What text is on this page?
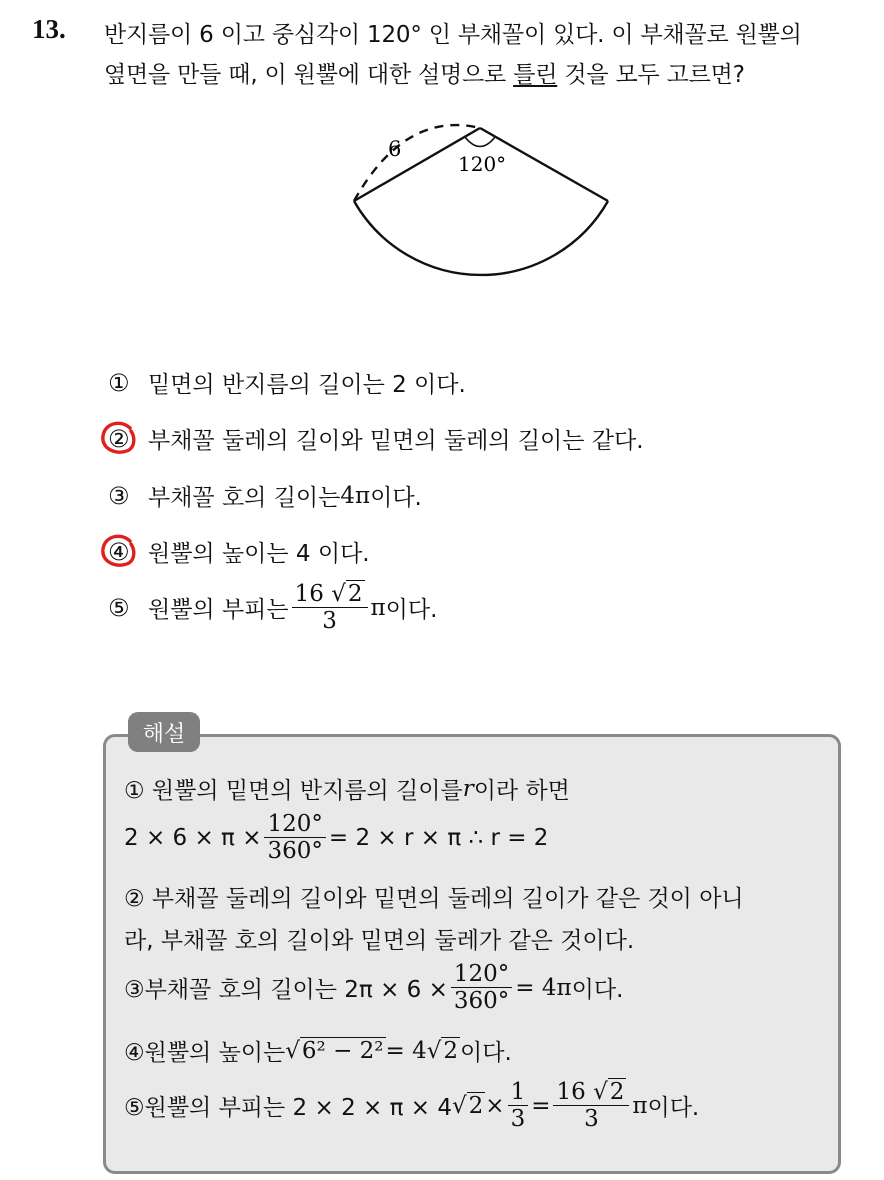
13. 반지름이 6 이고 중심각이 120° 인 부채꼴이 있다. 이 부채꼴로 원뿔의
옆면을 만들 때, 이 원뿔에 대한 설명으로 틀린 것을 모두 고르면?
6
120°
① 밑면의 반지름의 길이는 2 이다.
② 부채꼴 둘레의 길이와 밑면의 둘레의 길이는 같다.
③ 부채꼴 호의 길이는 4π 이다.
④ 원뿔의 높이는 4 이다.
⑤ 원뿔의 부피는 $\frac{16 √2}{3}$ π 이다.
해설
① 원뿔의 밑면의 반지름의 길이를 r 이라 하면
$2 \times 6 \times \pi \times \frac{120^\circ}{360^\circ} = 2 \times r \times \pi$ ∴ r = 2
② 부채꼴 둘레의 길이와 밑면의 둘레의 길이가 같은 것이 아니
라, 부채꼴 호의 길이와 밑면의 둘레가 같은 것이다.
③부채꼴 호의 길이는 $2\pi \times 6 \times \frac{120^\circ}{360^\circ} = 4\pi$ 이다.
④원뿔의 높이는 √6² − 2² = 4 √2 이다.
⑤원뿔의 부피는 2 × 2 × π × 4 $√2 \times \frac{1}{3} = \frac{16 √2}{3}$ π 이다.
